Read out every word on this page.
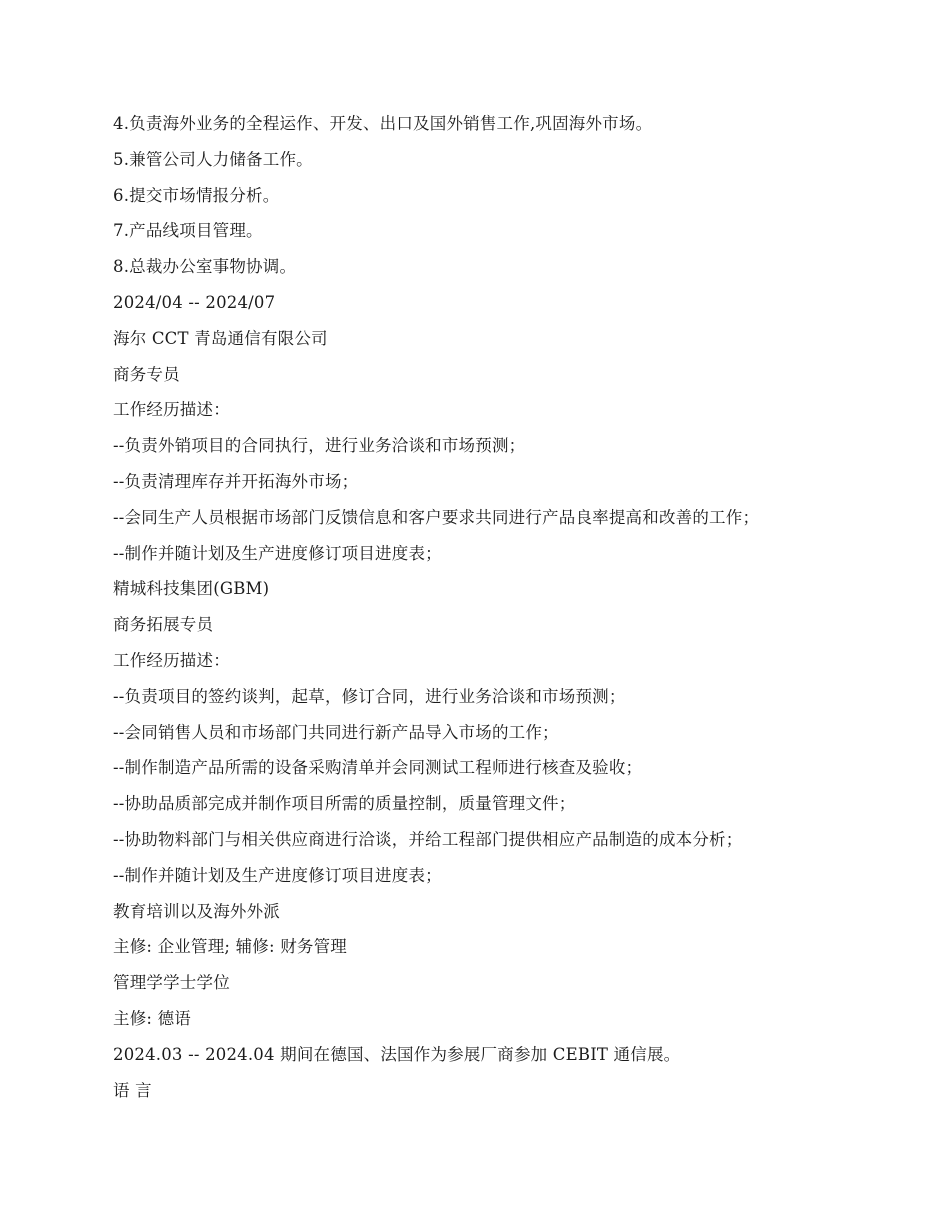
4.负责海外业务的全程运作、开发、出口及国外销售工作,巩固海外市场。
5.兼管公司人力储备工作。
6.提交市场情报分析。
7.产品线项目管理。
8.总裁办公室事物协调。
2024/04 -- 2024/07
海尔 CCT 青岛通信有限公司
商务专员
工作经历描述：
--负责外销项目的合同执行，进行业务洽谈和市场预测；
--负责清理库存并开拓海外市场；
--会同生产人员根据市场部门反馈信息和客户要求共同进行产品良率提高和改善的工作；
--制作并随计划及生产进度修订项目进度表；
精城科技集团(GBM)
商务拓展专员
工作经历描述：
--负责项目的签约谈判，起草，修订合同，进行业务洽谈和市场预测；
--会同销售人员和市场部门共同进行新产品导入市场的工作；
--制作制造产品所需的设备采购清单并会同测试工程师进行核查及验收；
--协助品质部完成并制作项目所需的质量控制，质量管理文件；
--协助物料部门与相关供应商进行洽谈，并给工程部门提供相应产品制造的成本分析；
--制作并随计划及生产进度修订项目进度表；
教育培训以及海外外派
主修: 企业管理; 辅修: 财务管理
管理学学士学位
主修: 德语
2024.03 -- 2024.04 期间在德国、法国作为参展厂商参加 CEBIT 通信展。
语 言
